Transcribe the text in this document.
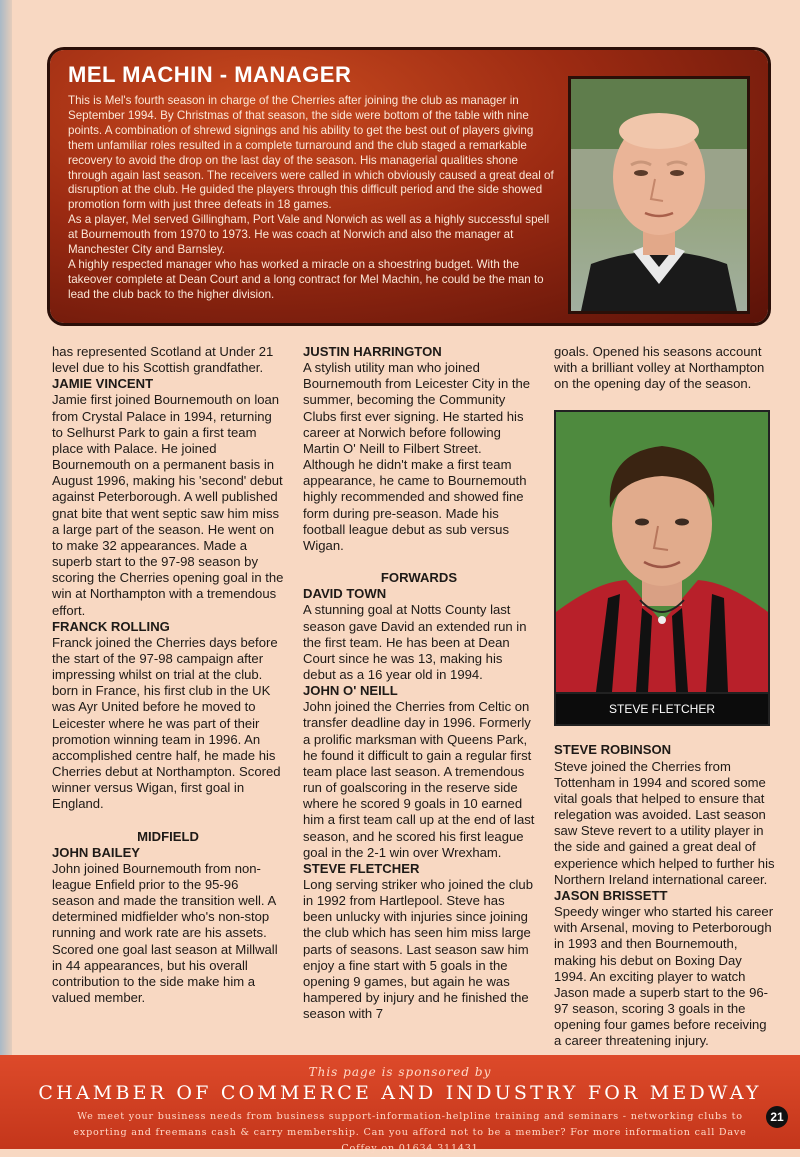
MEL MACHIN - MANAGER

This is Mel's fourth season in charge of the Cherries after joining the club as manager in September 1994. By Christmas of that season, the side were bottom of the table with nine points. A combination of shrewd signings and his ability to get the best out of players giving them unfamiliar roles resulted in a complete turnaround and the club staged a remarkable recovery to avoid the drop on the last day of the season. His managerial qualities shone through again last season. The receivers were called in which obviously caused a great deal of disruption at the club. He guided the players through this difficult period and the side showed promotion form with just three defeats in 18 games.

As a player, Mel served Gillingham, Port Vale and Norwich as well as a highly successful spell at Bournemouth from 1970 to 1973. He was coach at Norwich and also the manager at Manchester City and Barnsley.

A highly respected manager who has worked a miracle on a shoestring budget. With the takeover complete at Dean Court and a long contract for Mel Machin, he could be the man to lead the club back to the higher division.

has represented Scotland at Under 21 level due to his Scottish grandfather.

JAMIE VINCENT

Jamie first joined Bournemouth on loan from Crystal Palace in 1994, returning to Selhurst Park to gain a first team place with Palace. He joined Bournemouth on a permanent basis in August 1996, making his 'second' debut against Peterborough. A well published gnat bite that went septic saw him miss a large part of the season. He went on to make 32 appearances. Made a superb start to the 97-98 season by scoring the Cherries opening goal in the win at Northampton with a tremendous effort.

FRANCK ROLLING

Franck joined the Cherries days before the start of the 97-98 campaign after impressing whilst on trial at the club. born in France, his first club in the UK was Ayr United before he moved to Leicester where he was part of their promotion winning team in 1996. An accomplished centre half, he made his Cherries debut at Northampton. Scored winner versus Wigan, first goal in England.

MIDFIELD
JOHN BAILEY

John joined Bournemouth from non-league Enfield prior to the 95-96 season and made the transition well. A determined midfielder who's non-stop running and work rate are his assets. Scored one goal last season at Millwall in 44 appearances, but his overall contribution to the side make him a valued member.

JUSTIN HARRINGTON

A stylish utility man who joined Bournemouth from Leicester City in the summer, becoming the Community Clubs first ever signing. He started his career at Norwich before following Martin O' Neill to Filbert Street. Although he didn't make a first team appearance, he came to Bournemouth highly recommended and showed fine form during pre-season. Made his football league debut as sub versus Wigan.

FORWARDS
DAVID TOWN

A stunning goal at Notts County last season gave David an extended run in the first team. He has been at Dean Court since he was 13, making his debut as a 16 year old in 1994.

JOHN O' NEILL

John joined the Cherries from Celtic on transfer deadline day in 1996. Formerly a prolific marksman with Queens Park, he found it difficult to gain a regular first team place last season. A tremendous run of goalscoring in the reserve side where he scored 9 goals in 10 earned him a first team call up at the end of last season, and he scored his first league goal in the 2-1 win over Wrexham.

STEVE FLETCHER

Long serving striker who joined the club in 1992 from Hartlepool. Steve has been unlucky with injuries since joining the club which has seen him miss large parts of seasons. Last season saw him enjoy a fine start with 5 goals in the opening 9 games, but again he was hampered by injury and he finished the season with 7

goals. Opened his seasons account with a brilliant volley at Northampton on the opening day of the season.

STEVE FLETCHER
STEVE ROBINSON

Steve joined the Cherries from Tottenham in 1994 and scored some vital goals that helped to ensure that relegation was avoided. Last season saw Steve revert to a utility player in the side and gained a great deal of experience which helped to further his Northern Ireland international career.

JASON BRISSETT

Speedy winger who started his career with Arsenal, moving to Peterborough in 1993 and then Bournemouth, making his debut on Boxing Day 1994. An exciting player to watch Jason made a superb start to the 96-97 season, scoring 3 goals in the opening four games before receiving a career threatening injury.

This page is sponsored by
CHAMBER OF COMMERCE AND INDUSTRY FOR MEDWAY
We meet your business needs from business support-information-helpline training and seminars - networking clubs to exporting and freemans cash & carry membership. Can you afford not to be a member? For more information call Dave Coffey on 01634 311431
21
